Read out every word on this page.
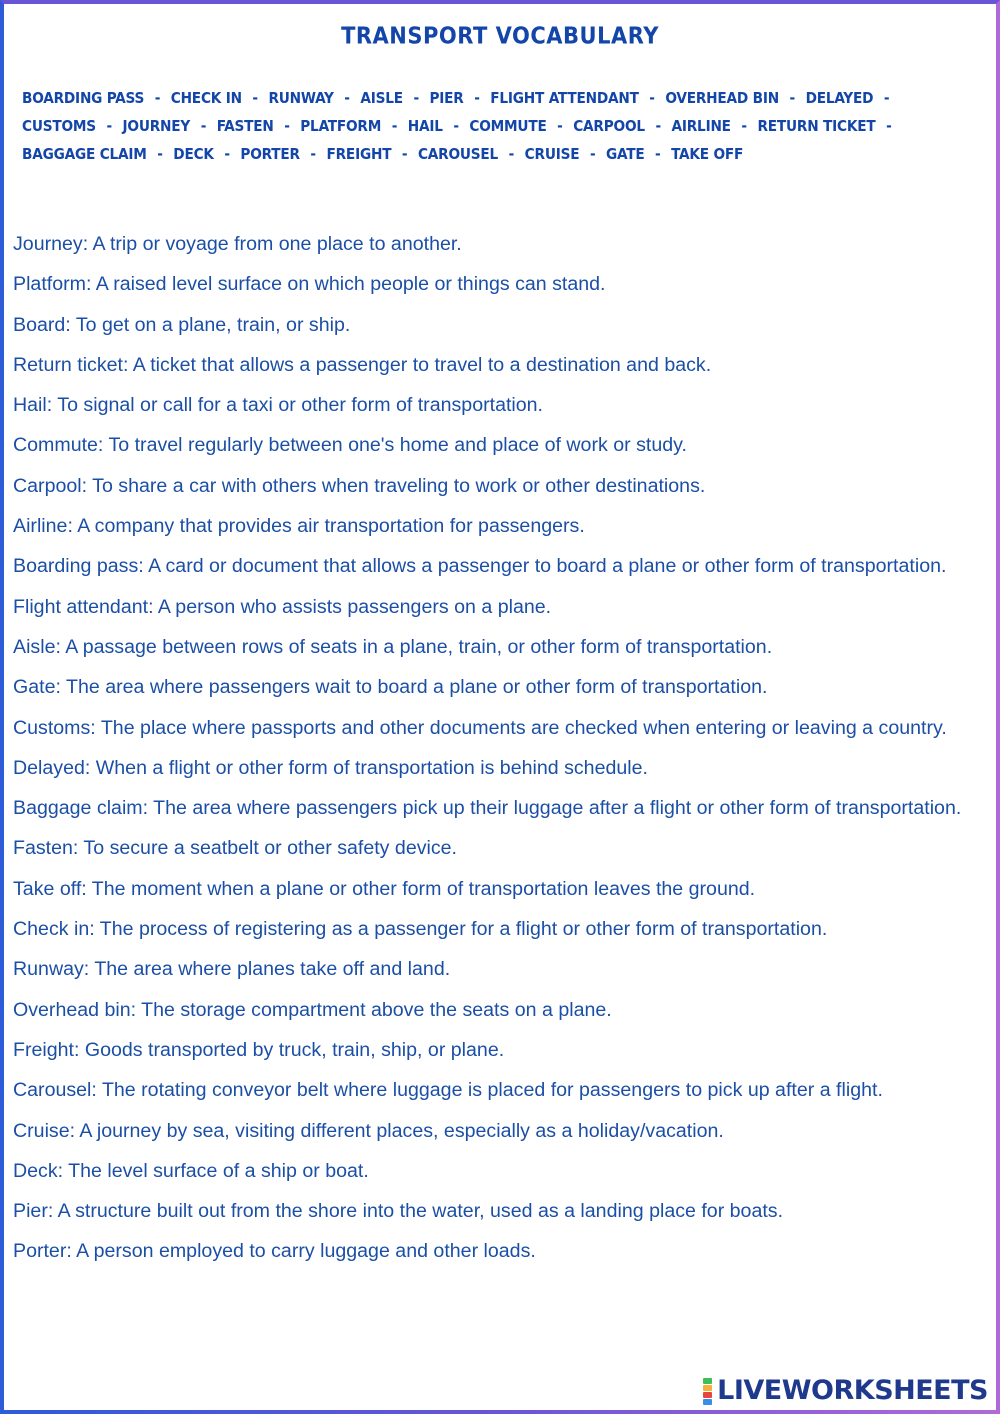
TRANSPORT VOCABULARY
BOARDING PASS - CHECK IN - RUNWAY - AISLE - PIER - FLIGHT ATTENDANT - OVERHEAD BIN - DELAYED - CUSTOMS - JOURNEY - FASTEN - PLATFORM - HAIL - COMMUTE - CARPOOL - AIRLINE - RETURN TICKET - BAGGAGE CLAIM - DECK - PORTER - FREIGHT - CAROUSEL - CRUISE - GATE - TAKE OFF
Journey: A trip or voyage from one place to another.
Platform: A raised level surface on which people or things can stand.
Board: To get on a plane, train, or ship.
Return ticket: A ticket that allows a passenger to travel to a destination and back.
Hail: To signal or call for a taxi or other form of transportation.
Commute: To travel regularly between one's home and place of work or study.
Carpool: To share a car with others when traveling to work or other destinations.
Airline: A company that provides air transportation for passengers.
Boarding pass: A card or document that allows a passenger to board a plane or other form of transportation.
Flight attendant: A person who assists passengers on a plane.
Aisle: A passage between rows of seats in a plane, train, or other form of transportation.
Gate: The area where passengers wait to board a plane or other form of transportation.
Customs: The place where passports and other documents are checked when entering or leaving a country.
Delayed: When a flight or other form of transportation is behind schedule.
Baggage claim: The area where passengers pick up their luggage after a flight or other form of transportation.
Fasten: To secure a seatbelt or other safety device.
Take off: The moment when a plane or other form of transportation leaves the ground.
Check in: The process of registering as a passenger for a flight or other form of transportation.
Runway: The area where planes take off and land.
Overhead bin: The storage compartment above the seats on a plane.
Freight: Goods transported by truck, train, ship, or plane.
Carousel: The rotating conveyor belt where luggage is placed for passengers to pick up after a flight.
Cruise: A journey by sea, visiting different places, especially as a holiday/vacation.
Deck: The level surface of a ship or boat.
Pier: A structure built out from the shore into the water, used as a landing place for boats.
Porter: A person employed to carry luggage and other loads.
LIVEWORKSHEETS
